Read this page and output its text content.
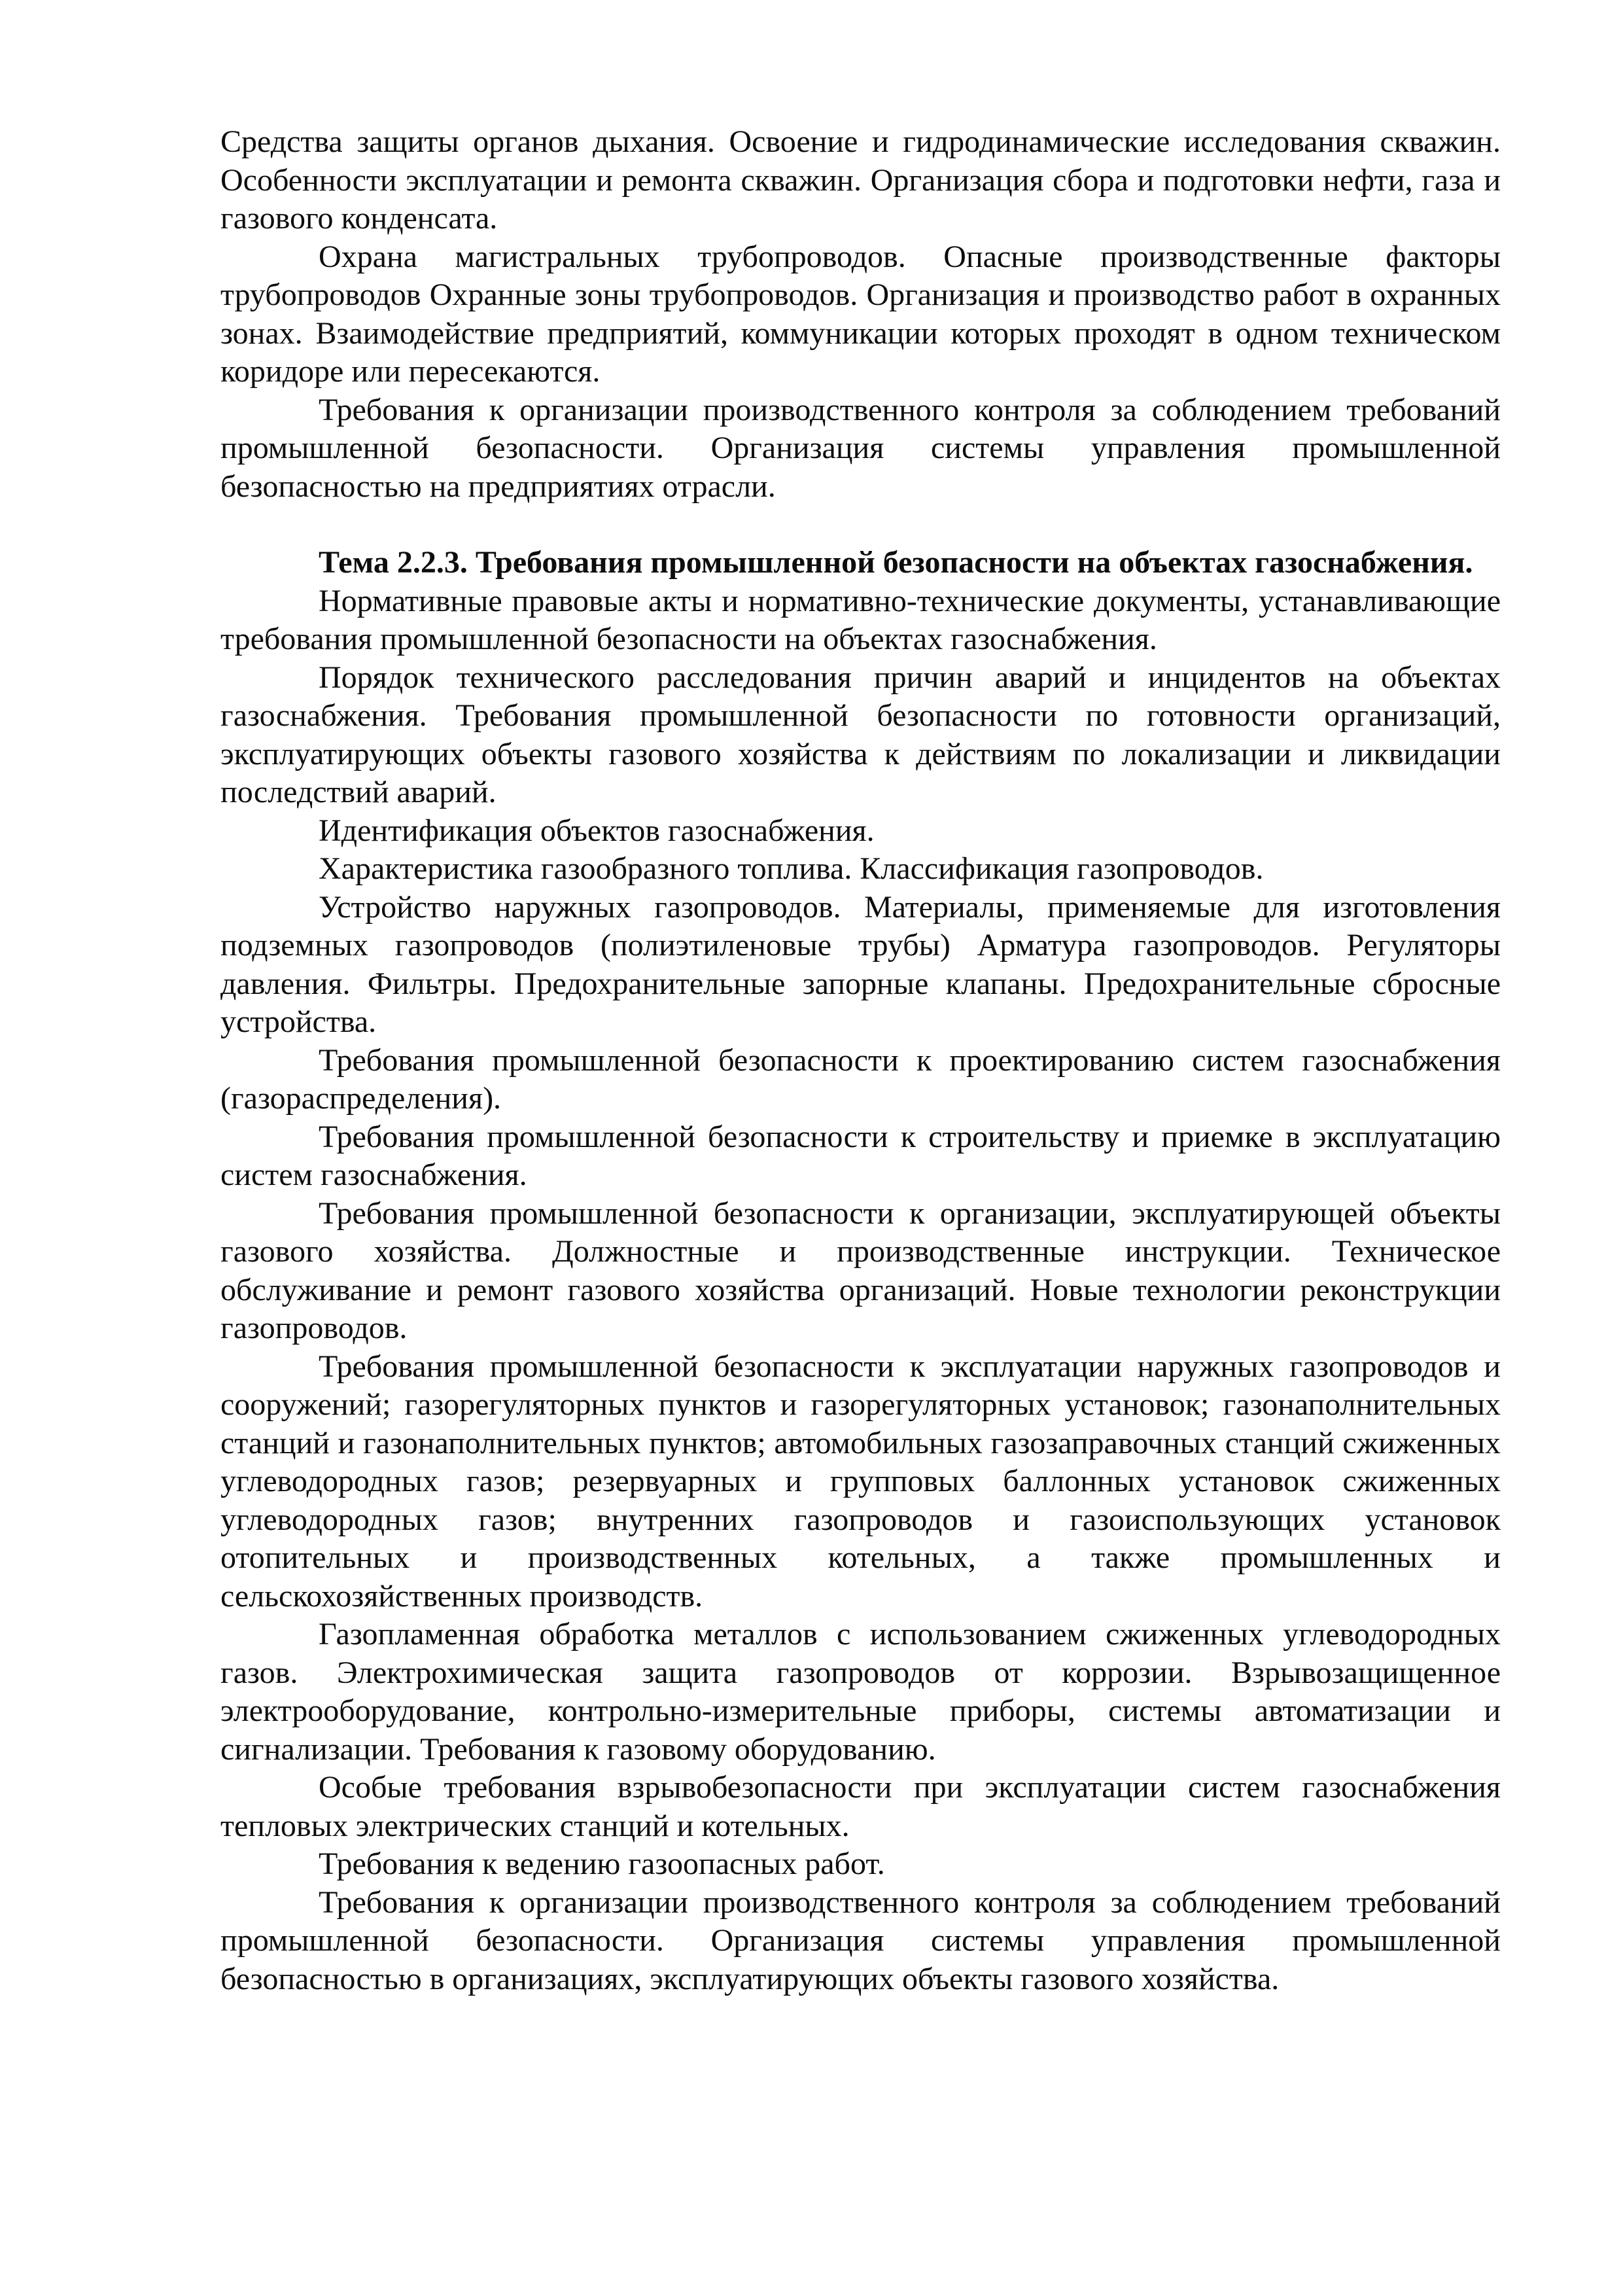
Средства защиты органов дыхания. Освоение и гидродинамические исследования скважин. Особенности эксплуатации и ремонта скважин. Организация сбора и подготовки нефти, газа и газового конденсата.

Охрана магистральных трубопроводов. Опасные производственные факторы трубопроводов Охранные зоны трубопроводов. Организация и производство работ в охранных зонах. Взаимодействие предприятий, коммуникации которых проходят в одном техническом коридоре или пересекаются.

Требования к организации производственного контроля за соблюдением требований промышленной безопасности. Организация системы управления промышленной безопасностью на предприятиях отрасли.

Тема 2.2.3. Требования промышленной безопасности на объектах газоснабжения.

Нормативные правовые акты и нормативно-технические документы, устанавливающие требования промышленной безопасности на объектах газоснабжения.

Порядок технического расследования причин аварий и инцидентов на объектах газоснабжения. Требования промышленной безопасности по готовности организаций, эксплуатирующих объекты газового хозяйства к действиям по локализации и ликвидации последствий аварий.

Идентификация объектов газоснабжения.

Характеристика газообразного топлива. Классификация газопроводов.

Устройство наружных газопроводов. Материалы, применяемые для изготовления подземных газопроводов (полиэтиленовые трубы) Арматура газопроводов. Регуляторы давления. Фильтры. Предохранительные запорные клапаны. Предохранительные сбросные устройства.

Требования промышленной безопасности к проектированию систем газоснабжения (газораспределения).

Требования промышленной безопасности к строительству и приемке в эксплуатацию систем газоснабжения.

Требования промышленной безопасности к организации, эксплуатирующей объекты газового хозяйства. Должностные и производственные инструкции. Техническое обслуживание и ремонт газового хозяйства организаций. Новые технологии реконструкции газопроводов.

Требования промышленной безопасности к эксплуатации наружных газопроводов и сооружений; газорегуляторных пунктов и газорегуляторных установок; газонаполнительных станций и газонаполнительных пунктов; автомобильных газозаправочных станций сжиженных углеводородных газов; резервуарных и групповых баллонных установок сжиженных углеводородных газов; внутренних газопроводов и газоиспользующих установок отопительных и производственных котельных, а также промышленных и сельскохозяйственных производств.

Газопламенная обработка металлов с использованием сжиженных углеводородных газов. Электрохимическая защита газопроводов от коррозии. Взрывозащищенное электрооборудование, контрольно-измерительные приборы, системы автоматизации и сигнализации. Требования к газовому оборудованию.

Особые требования взрывобезопасности при эксплуатации систем газоснабжения тепловых электрических станций и котельных.

Требования к ведению газоопасных работ.

Требования к организации производственного контроля за соблюдением требований промышленной безопасности. Организация системы управления промышленной безопасностью в организациях, эксплуатирующих объекты газового хозяйства.
